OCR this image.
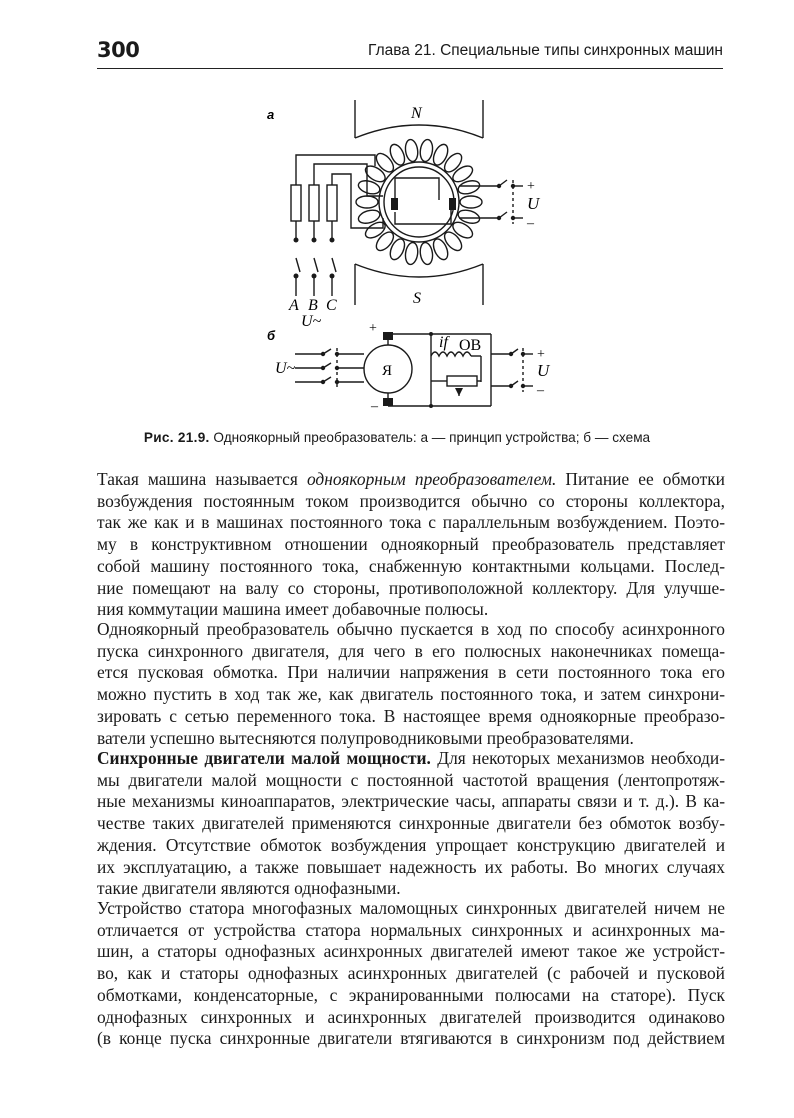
300	Глава 21. Специальные типы синхронных машин
а	N
S
A B C
U~
+
U
–
б	+
–
Я
if ОВ
U~
+
U
–
Рис. 21.9. Одноякорный преобразователь: а — принцип устройства; б — схема
Такая машина называется одноякорным преобразователем. Питание ее обмотки
возбуждения постоянным током производится обычно со стороны коллектора,
так же как и в машинах постоянного тока с параллельным возбуждением. Поэто-
му в конструктивном отношении одноякорный преобразователь представляет
собой машину постоянного тока, снабженную контактными кольцами. Послед-
ние помещают на валу со стороны, противоположной коллектору. Для улучше-
ния коммутации машина имеет добавочные полюсы.
Одноякорный преобразователь обычно пускается в ход по способу асинхронного
пуска синхронного двигателя, для чего в его полюсных наконечниках помеща-
ется пусковая обмотка. При наличии напряжения в сети постоянного тока его
можно пустить в ход так же, как двигатель постоянного тока, и затем синхрони-
зировать с сетью переменного тока. В настоящее время одноякорные преобразо-
ватели успешно вытесняются полупроводниковыми преобразователями.
Синхронные двигатели малой мощности. Для некоторых механизмов необходи-
мы двигатели малой мощности с постоянной частотой вращения (лентопротяж-
ные механизмы киноаппаратов, электрические часы, аппараты связи и т. д.). В ка-
честве таких двигателей применяются синхронные двигатели без обмоток возбу-
ждения. Отсутствие обмоток возбуждения упрощает конструкцию двигателей и
их эксплуатацию, а также повышает надежность их работы. Во многих случаях
такие двигатели являются однофазными.
Устройство статора многофазных маломощных синхронных двигателей ничем не
отличается от устройства статора нормальных синхронных и асинхронных ма-
шин, а статоры однофазных асинхронных двигателей имеют такое же устройст-
во, как и статоры однофазных асинхронных двигателей (с рабочей и пусковой
обмотками, конденсаторные, с экранированными полюсами на статоре). Пуск
однофазных синхронных и асинхронных двигателей производится одинаково
(в конце пуска синхронные двигатели втягиваются в синхронизм под действием
